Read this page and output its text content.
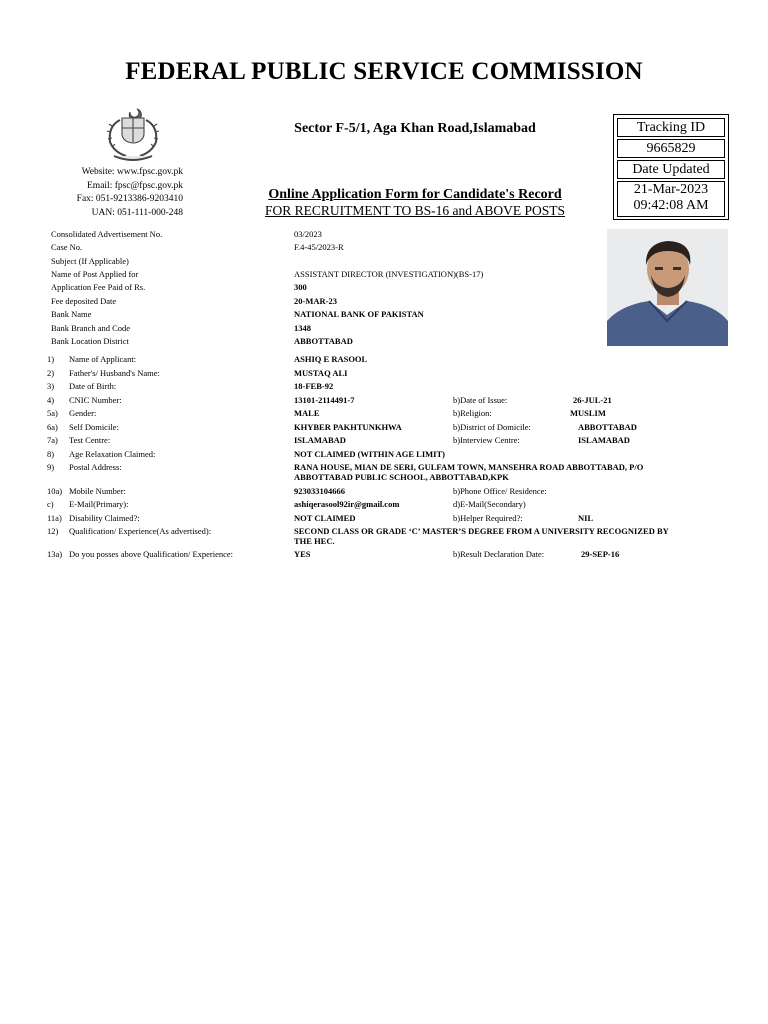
FEDERAL PUBLIC SERVICE COMMISSION
Sector F-5/1, Aga Khan Road,Islamabad
Website: www.fpsc.gov.pk
Email: fpsc@fpsc.gov.pk
Fax: 051-9213386-9203410
UAN: 051-111-000-248
Online Application Form for Candidate's Record
FOR RECRUITMENT TO BS-16 and ABOVE POSTS
Tracking ID
9665829
Date Updated
21-Mar-2023
09:42:08 AM
Consolidated Advertisement No.	03/2023
Case No.	F.4-45/2023-R
Subject (If Applicable)
Name of Post Applied for	ASSISTANT DIRECTOR (INVESTIGATION)(BS-17)
Application Fee Paid of Rs.	300
Fee deposited Date	20-MAR-23
Bank Name	NATIONAL BANK OF PAKISTAN
Bank Branch and Code	1348
Bank Location District	ABBOTTABAD
1) Name of Applicant:	ASHIQ E RASOOL
2) Father's/ Husband's Name:	MUSTAQ ALI
3) Date of Birth:	18-FEB-92
4) CNIC Number:	13101-2114491-7	b)Date of Issue:	26-JUL-21
5a) Gender:	MALE	b)Religion:	MUSLIM
6a) Self Domicile:	KHYBER PAKHTUNKHWA	b)District of Domicile:	ABBOTTABAD
7a) Test Centre:	ISLAMABAD	b)Interview Centre:	ISLAMABAD
8) Age Relaxation Claimed:	NOT CLAIMED (WITHIN AGE LIMIT)
9) Postal Address:	RANA HOUSE, MIAN DE SERI, GULFAM TOWN, MANSEHRA ROAD ABBOTTABAD, P/O
ABBOTTABAD PUBLIC SCHOOL, ABBOTTABAD,KPK
10a) Mobile Number:	923033104666	b)Phone Office/ Residence:
c) E-Mail(Primary):	ashiqerasool92ir@gmail.com	d)E-Mail(Secondary)
11a) Disability Claimed?:	NOT CLAIMED	b)Helper Required?:	NIL
12) Qualification/ Experience(As advertised):	SECOND CLASS OR GRADE ‘C’ MASTER’S DEGREE FROM A UNIVERSITY RECOGNIZED BY
THE HEC.
13a) Do you posses above Qualification/ Experience:	YES	b)Result Declaration Date:	29-SEP-16
